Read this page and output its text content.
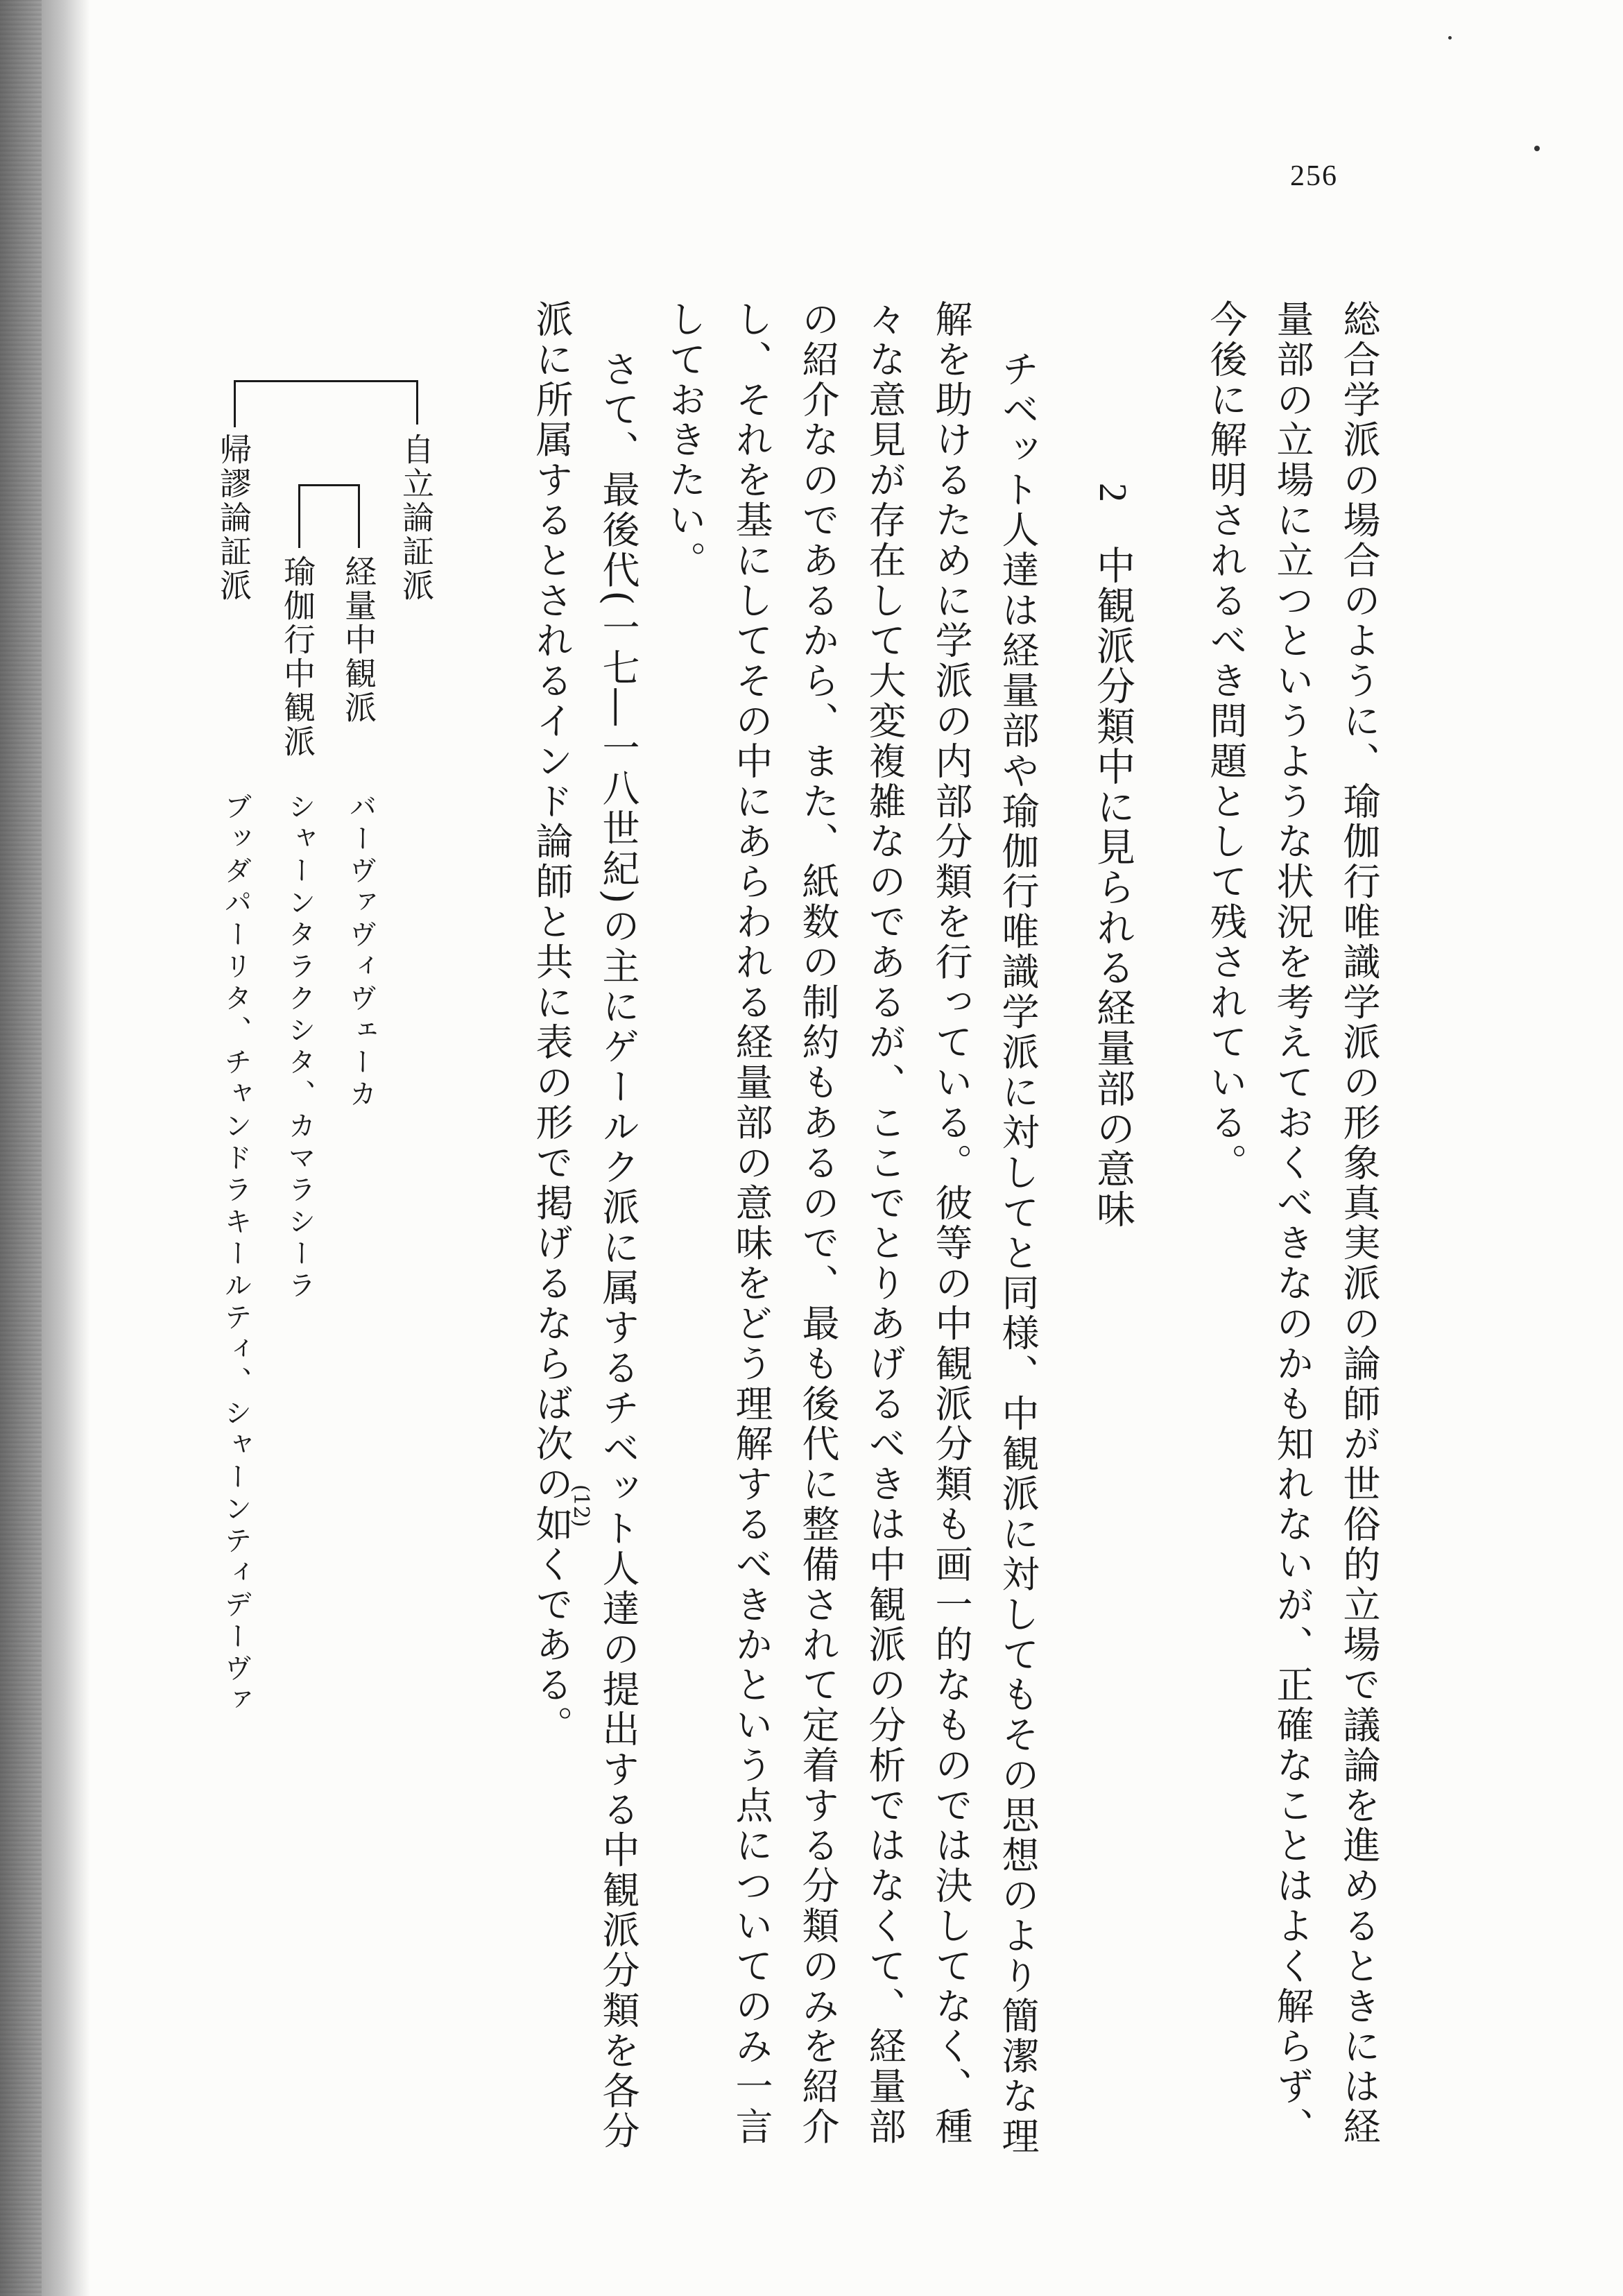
256
総合学派の場合のように、瑜伽行唯識学派の形象真実派の論師が世俗的立場で議論を進めるときには経
量部の立場に立つというような状況を考えておくべきなのかも知れないが、正確なことはよく解らず、
今後に解明されるべき問題として残されている。
2中観派分類中に見られる経量部の意味
チベット人達は経量部や瑜伽行唯識学派に対してと同様、中観派に対してもその思想のより簡潔な理
解を助けるために学派の内部分類を行っている。彼等の中観派分類も画一的なものでは決してなく、種
々な意見が存在して大変複雑なのであるが、ここでとりあげるべきは中観派の分析ではなくて、経量部
の紹介なのであるから、また、紙数の制約もあるので、最も後代に整備されて定着する分類のみを紹介
し、それを基にしてその中にあらわれる経量部の意味をどう理解するべきかという点についてのみ一言
しておきたい。
さて、最後代(一七―一八世紀)の主にゲールク派に属するチベット人達の提出する中観派分類を各分
派に所属するとされるインド論師と共に表の形で掲げるならば次の如くである。
(12)
自立論証派
経量中観派
瑜伽行中観派
帰謬論証派
バーヴァヴィヴェーカ
シャーンタラクシタ、カマラシーラ
ブッダパーリタ、チャンドラキールティ、シャーンティデーヴァ
